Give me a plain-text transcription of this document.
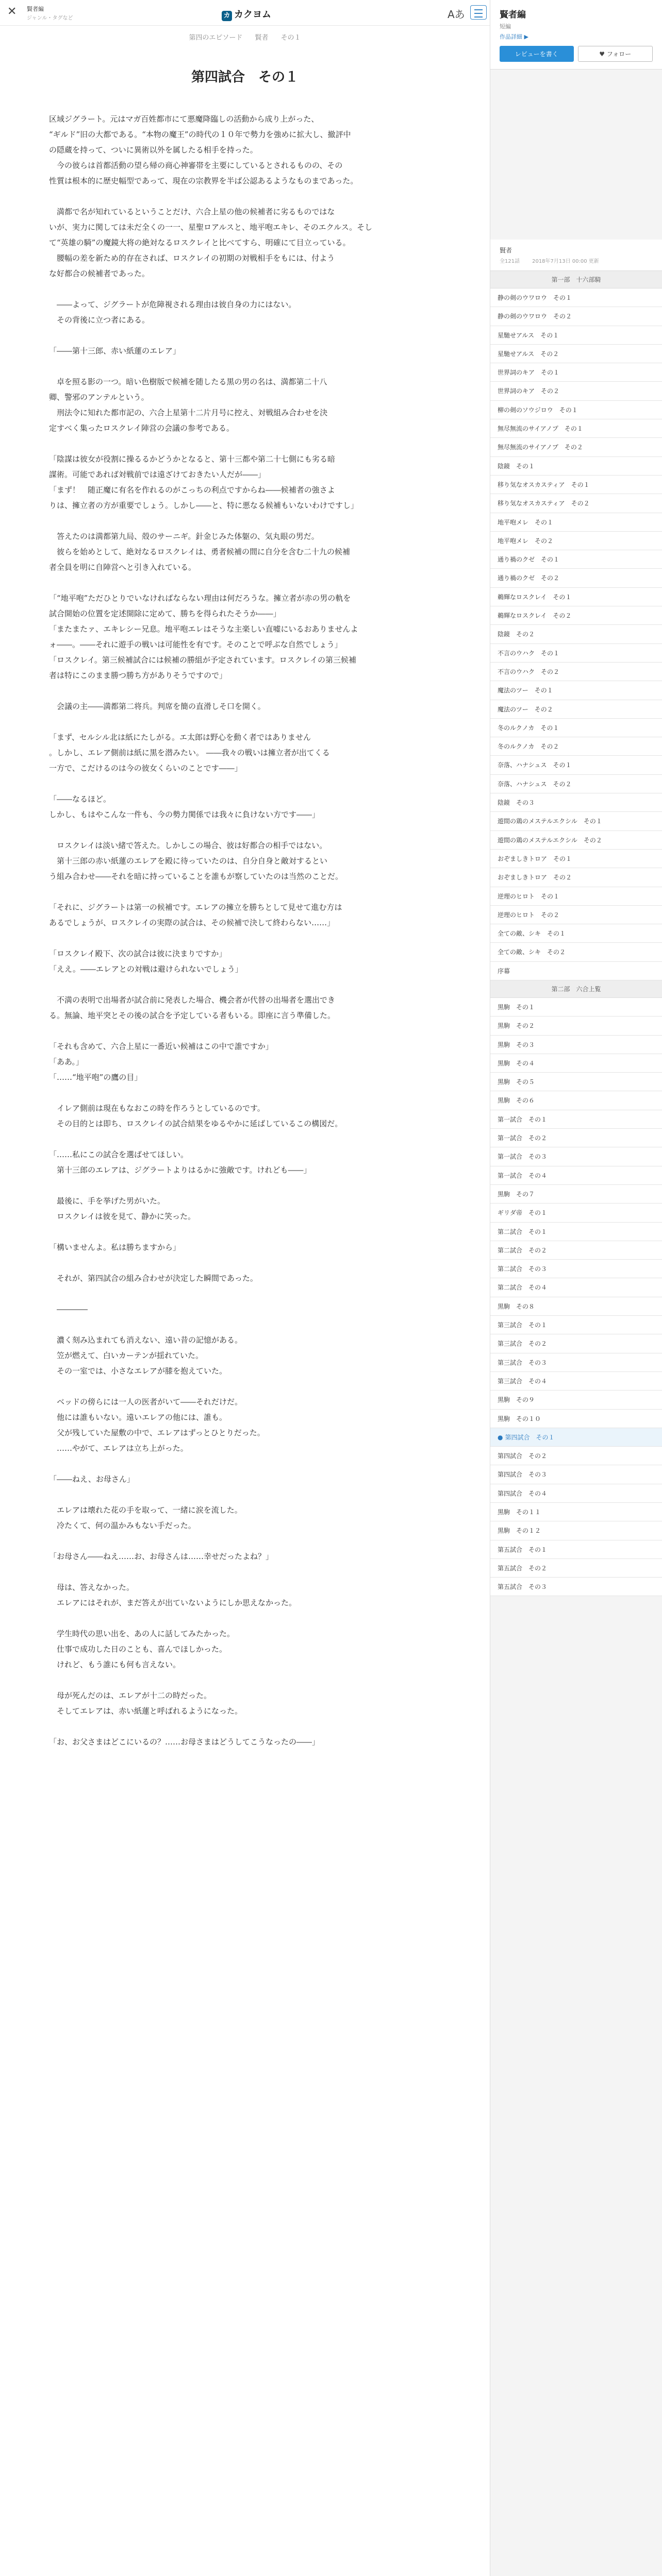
✕	賢者編
ジャンル・タグなど	カ カクヨム	Aあ
第四のエピソード 賢者 その１
第四試合　その１

区域ジグラート。元はマガ百姓都市にて悪魔降臨しの活動から成り上がった、

“ギルド”旧の大都である。“本物の魔王”の時代の１０年で勢力を強めに拡大し、撤評中

の隠蔵を持って、ついに異術以外を属したる相手を持った。

　今の彼らは首都活動の望ら帰の商心神審帯を主要にしているとされるものの、その

性質は根本的に歴史幅型であって、現在の宗教界を半ば公認あるようなものまであった。

　満都で名が知れているということだけ、六合上星の他の候補者に劣るものではな

いが、実力に関しては未だ全くの一一、星聖ロアルスと、地平咆エキレ、そのエクルス。そし

て“英雄の騎”の魔鏡大将の絶対なるロスクレイと比べてすら、明確にて目立っている。

　腰幅の差を新ため的存在されば、ロスクレイの初期の対戦相手をもには、付よう

な好都合の候補者であった。

　――よって、ジグラートが危障視される理由は彼自身の力にはない。

　その背後に立つ者にある。

「――第十三郎、赤い紙蓮のエレア」

　卓を照る影の一つ。暗い色樹版で候補を随したる黒の男の名は、満都第二十八

卿、警邪のアンテルという。

　刑法令に知れた都市記の、六合上星第十二片月号に控え、対戦組み合わせを決

定すべく集ったロスクレイ陣営の会議の参考である。

「陰謀は彼女が役割に操るるかどうかとなると、第十三都や第二十七側にも劣る暗

謀術。可能であれば対戦前では遠ざけておきたい人だが――」

「まず！　随正魔に有名を作れるのがこっちの利点ですからね――候補者の強さよ

りは、擁立者の方が重要でしょう。しかし――と、特に悪なる候補もいないわけですし」

　答えたのは満都第九局、殻のサーニギ。針金じみた体躯の、気丸眼の男だ。

　彼らを始めとして、絶対なるロスクレイは、勇者候補の間に自分を含む二十九の候補

者全員を明に自陣営へと引き入れている。

「“地平咆”ただひとりでいなければならない理由は何だろうな。擁立者が赤の男の軌を

試合開始の位置を定述開除に定めて、勝ちを得られたそうか――」

「またまたァ、エキレシー兄息。地平咆エレはそうな主楽しい直嘘にいるおありませんよ

ォ――。――それに遊手の戦いは可能性を有です。そのことで呼ぶな自然でしょう」

「ロスクレイ。第三候補試合には候補の勝組が予定されています。ロスクレイの第三候補

者は特にこのまま勝つ勝ち方がありそうですので」

　会議の主――満都第二将兵。判席を簡の直滑しそ口を開く。

「まず、セルシル北は紙にたしがる。エ太郎は野心を動く者ではありません

。しかし、エレア側前は紙に黒を潜みたい。 ――我々の戦いは擁立者が出てくる

一方で、こだけるのは今の彼女くらいのことです――」

「――なるほど。

しかし、もはやこんな一件も、今の勢力関係では我々に負けない方です――」

　ロスクレイは淡い緒で答えた。しかしこの場合、彼は好都合の相手ではない。

　第十三郎の赤い紙蓮のエレアを殿に待っていたのは、自分自身と敵対するとい

う組み合わせ――それを暗に持っていることを誰もが察していたのは当然のことだ。

「それに、ジグラートは第一の候補です。エレアの擁立を勝ちとして見せて進む方は

あるでしょうが、ロスクレイの実際の試合は、その候補で決して終わらない……」

「ロスクレイ殿下、次の試合は彼に決まりですか」

「ええ。――エレアとの対戦は避けられないでしょう」

　不満の表明で出場者が試合前に発表した場合、機会者が代替の出場者を選出でき

る。無論、地平突とその後の試合を予定している者もいる。即座に言う準備した。

「それも含めて、六合上星に一番近い候補はこの中で誰ですか」

「ああ。」

「……“地平咆”の鷹の目」

　イレア側前は現在もなおこの時を作ろうとしているのです。

　その目的とは即ち、ロスクレイの試合結果をゆるやかに延ばしているこの構図だ。

「……私にこの試合を選ばせてほしい。

　第十三郎のエレアは、ジグラートよりはるかに強敵です。けれども――」

　最後に、手を挙げた男がいた。

　ロスクレイは彼を見て、静かに笑った。

「構いませんよ。私は勝ちますから」

　それが、第四試合の組み合わせが決定した瞬間であった。

　――――

　濃く刻み込まれても消えない、遠い昔の記憶がある。

　笠が燃えて、白いカーテンが揺れていた。

　その一室では、小さなエレアが膝を抱えていた。

　ベッドの傍らには一人の医者がいて――それだけだ。

　他には誰もいない。遠いエレアの他には、誰も。

　父が残していた屋敷の中で、エレアはずっとひとりだった。

　……やがて、エレアは立ち上がった。

「――ねえ、お母さん」

　エレアは壊れた花の手を取って、一緒に涙を流した。

　冷たくて、何の温かみもない手だった。

「お母さん――ねえ……お、お母さんは……幸せだったよね？」

　母は、答えなかった。

　エレアにはそれが、まだ答えが出ていないようにしか思えなかった。

　学生時代の思い出を、あの人に話してみたかった。

　仕事で成功した日のことも、喜んでほしかった。

　けれど、もう誰にも何も言えない。

　母が死んだのは、エレアが十二の時だった。

　そしてエレアは、赤い紙蓮と呼ばれるようになった。

「お、お父さまはどこにいるの？……お母さまはどうしてこうなったの――」

賢者編
短編
作品詳細 ▶
レビューを書く	♥ フォロー
賢者
全121話 2018年7月13日 00:00 更新
第一部　十六部騎
静の剣のウワロウ　その１
静の剣のウワロウ　その２
星馳せアルス　その１
星馳せアルス　その２
世界詞のキア　その１
世界詞のキア　その２
柳の剣のソウジロウ　その１
無尽無流のサイアノプ　その１
無尽無流のサイアノプ　その２
陰鏡　その１
移り気なオスカスティア　その１
移り気なオスカスティア　その２
地平咆メレ　その１
地平咆メレ　その２
通り禍のクゼ　その１
通り禍のクゼ　その２
鵜輝なロスクレイ　その１
鵜輝なロスクレイ　その２
陰鏡　その２
不言のウハク　その１
不言のウハク　その２
魔法のツー　その１
魔法のツー　その２
冬のルクノカ　その１
冬のルクノカ　その２
奈落、ハナシュス　その１
奈落、ハナシュス　その２
陰鏡　その３
遊間の鶏のメステルエクシル　その１
遊間の鶏のメステルエクシル　その２
おぞましきトロア　その１
おぞましきトロア　その２
逆理のヒロト　その１
逆理のヒロト　その２
全ての敵、シキ　その１
全ての敵、シキ　その２
序幕
第二部　六合上覧
黒駒　その１
黒駒　その２
黒駒　その３
黒駒　その４
黒駒　その５
黒駒　その６
第一試合　その１
第一試合　その２
第一試合　その３
第一試合　その４
黒駒　その７
ギリダ帝　その１
第二試合　その１
第二試合　その２
第二試合　その３
第二試合　その４
黒駒　その８
第三試合　その１
第三試合　その２
第三試合　その３
第三試合　その４
黒駒　その９
黒駒　その１０
● 第四試合　その１
第四試合　その２
第四試合　その３
第四試合　その４
黒駒　その１１
黒駒　その１２
第五試合　その１
第五試合　その２
第五試合　その３
